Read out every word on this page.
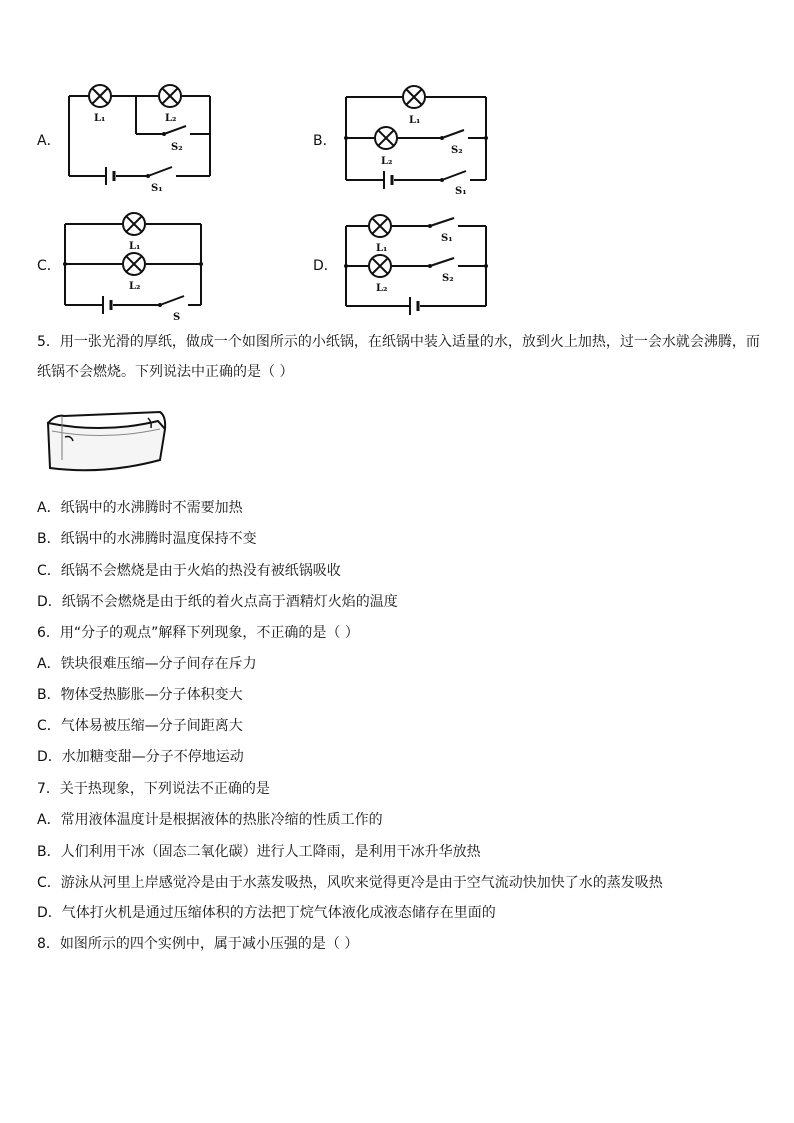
A．
L₁	L₂
S₂
S₁
B．
L₁
L₂
S₂
S₁
C．
L₁
L₂
S
D．
L₁
S₁
S₂
L₂
5．用一张光滑的厚纸，做成一个如图所示的小纸锅，在纸锅中装入适量的水，放到火上加热，过一会水就会沸腾，而
纸锅不会燃烧。下列说法中正确的是（ ）
A．纸锅中的水沸腾时不需要加热
B．纸锅中的水沸腾时温度保持不变
C．纸锅不会燃烧是由于火焰的热没有被纸锅吸收
D．纸锅不会燃烧是由于纸的着火点高于酒精灯火焰的温度
6．用“分子的观点”解释下列现象，不正确的是（ ）
A．铁块很难压缩—分子间存在斥力
B．物体受热膨胀—分子体积变大
C．气体易被压缩—分子间距离大
D．水加糖变甜—分子不停地运动
7．关于热现象，下列说法不正确的是
A．常用液体温度计是根据液体的热胀冷缩的性质工作的
B．人们利用干冰（固态二氧化碳）进行人工降雨，是利用干冰升华放热
C．游泳从河里上岸感觉冷是由于水蒸发吸热，风吹来觉得更冷是由于空气流动快加快了水的蒸发吸热
D．气体打火机是通过压缩体积的方法把丁烷气体液化成液态储存在里面的
8．如图所示的四个实例中，属于减小压强的是（ ）
